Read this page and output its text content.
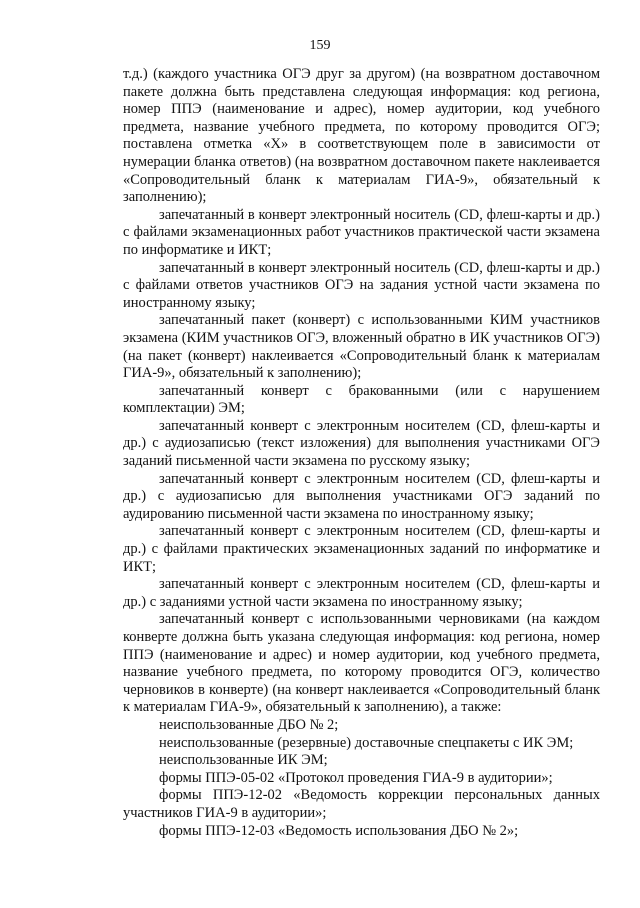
159

т.д.) (каждого участника ОГЭ друг за другом) (на возвратном доставочном пакете должна быть представлена следующая информация: код региона, номер ППЭ (наименование и адрес), номер аудитории, код учебного предмета, название учебного предмета, по которому проводится ОГЭ; поставлена отметка «Х» в соответствующем поле в зависимости от нумерации бланка ответов) (на возвратном доставочном пакете наклеивается «Сопроводительный бланк к материалам ГИА-9», обязательный к заполнению);

запечатанный в конверт электронный носитель (CD, флеш-карты и др.) с файлами экзаменационных работ участников практической части экзамена по информатике и ИКТ;

запечатанный в конверт электронный носитель (CD, флеш-карты и др.) с файлами ответов участников ОГЭ на задания устной части экзамена по иностранному языку;

запечатанный пакет (конверт) с использованными КИМ участников экзамена (КИМ участников ОГЭ, вложенный обратно в ИК участников ОГЭ) (на пакет (конверт) наклеивается «Сопроводительный бланк к материалам ГИА-9», обязательный к заполнению);

запечатанный конверт с бракованными (или с нарушением комплектации) ЭМ;

запечатанный конверт с электронным носителем (CD, флеш-карты и др.) с аудиозаписью (текст изложения) для выполнения участниками ОГЭ заданий письменной части экзамена по русскому языку;

запечатанный конверт с электронным носителем (CD, флеш-карты и др.) с аудиозаписью для выполнения участниками ОГЭ заданий по аудированию письменной части экзамена по иностранному языку;

запечатанный конверт с электронным носителем (CD, флеш-карты и др.) с файлами практических экзаменационных заданий по информатике и ИКТ;

запечатанный конверт с электронным носителем (CD, флеш-карты и др.) с заданиями устной части экзамена по иностранному языку;

запечатанный конверт с использованными черновиками (на каждом конверте должна быть указана следующая информация: код региона, номер ППЭ (наименование и адрес) и номер аудитории, код учебного предмета, название учебного предмета, по которому проводится ОГЭ, количество черновиков в конверте) (на конверт наклеивается «Сопроводительный бланк к материалам ГИА-9», обязательный к заполнению), а также:

неиспользованные ДБО № 2;

неиспользованные (резервные) доставочные спецпакеты с ИК ЭМ;

неиспользованные ИК ЭМ;

формы ППЭ-05-02 «Протокол проведения ГИА-9 в аудитории»;

формы ППЭ-12-02 «Ведомость коррекции персональных данных участников ГИА-9 в аудитории»;

формы ППЭ-12-03 «Ведомость использования ДБО № 2»;
